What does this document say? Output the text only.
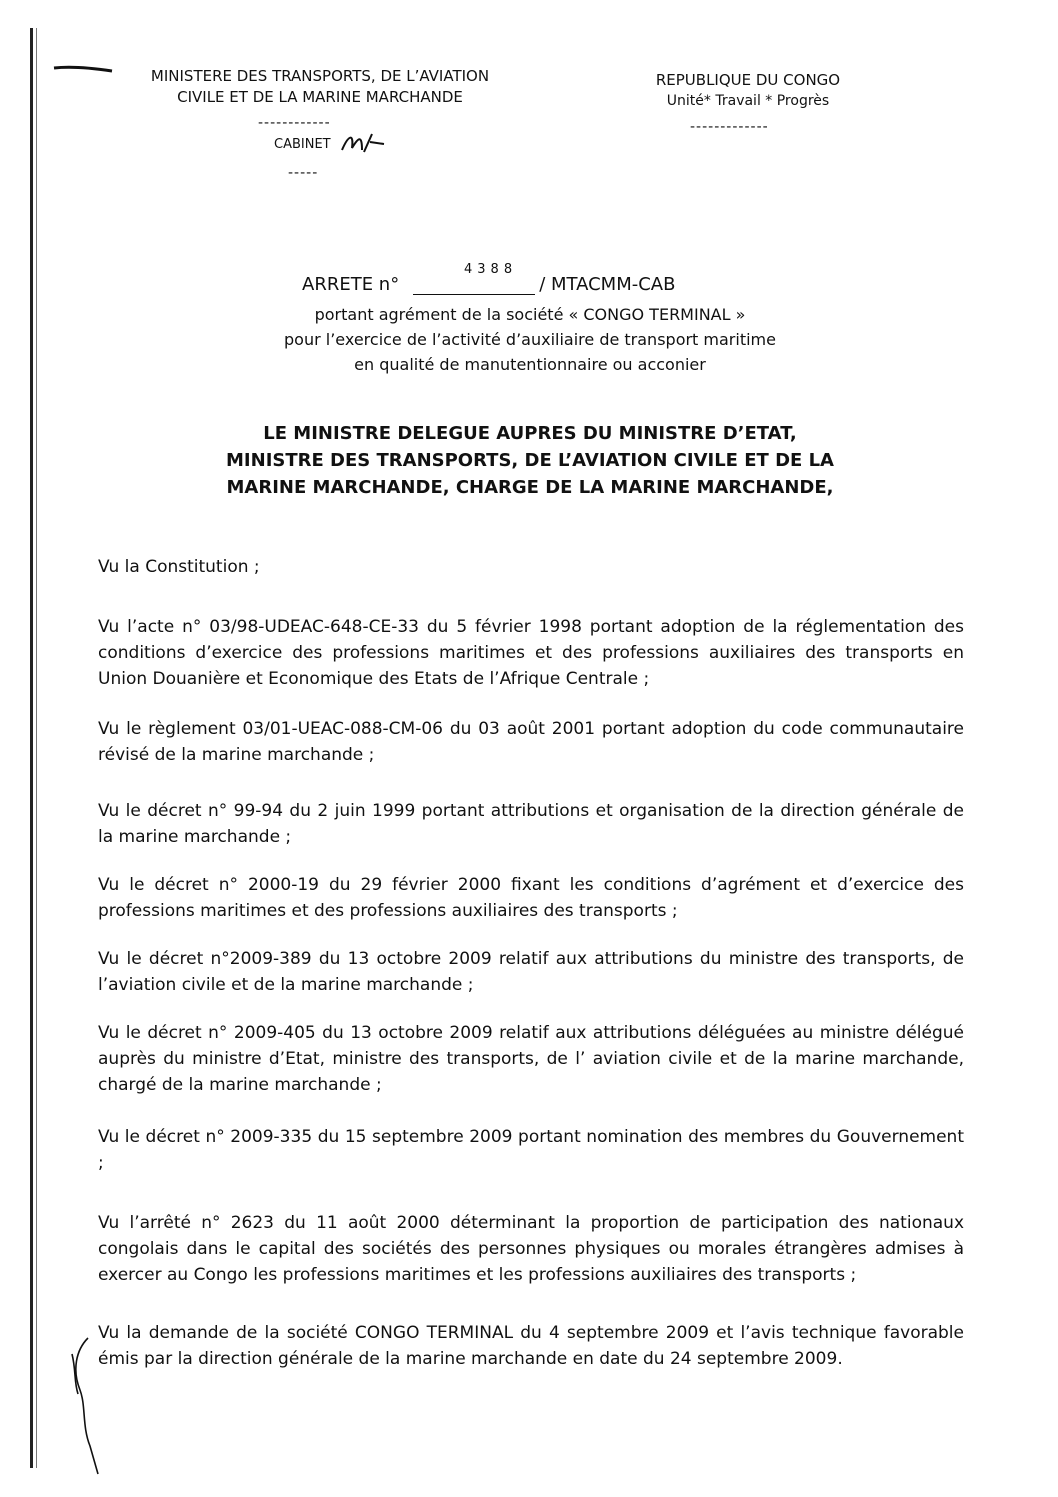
MINISTERE DES TRANSPORTS, DE L’AVIATION
CIVILE ET DE LA MARINE MARCHANDE
------------
CABINET
-----
REPUBLIQUE DU CONGO
Unité* Travail * Progrès
-------------
4388
ARRETE n°	/ MTACMM-CAB
portant agrément de la société « CONGO TERMINAL »
pour l’exercice de l’activité d’auxiliaire de transport maritime
en qualité de manutentionnaire ou acconier
LE MINISTRE DELEGUE AUPRES DU MINISTRE D’ETAT,
MINISTRE DES TRANSPORTS, DE L’AVIATION CIVILE ET DE LA
MARINE MARCHANDE, CHARGE DE LA MARINE MARCHANDE,
Vu la Constitution ;
Vu l’acte n° 03/98-UDEAC-648-CE-33 du 5 février 1998 portant adoption de la réglementation des conditions d’exercice des professions maritimes et des professions auxiliaires des transports en Union Douanière et Economique des Etats de l’Afrique Centrale ;
Vu le règlement 03/01-UEAC-088-CM-06 du 03 août 2001 portant adoption du code communautaire révisé de la marine marchande ;
Vu le décret n° 99-94 du 2 juin 1999 portant attributions et organisation de la direction générale de la marine marchande ;
Vu le décret n° 2000-19 du 29 février 2000 fixant les conditions d’agrément et d’exercice des professions maritimes et des professions auxiliaires des transports ;
Vu le décret n°2009-389 du 13 octobre 2009 relatif aux attributions du ministre des transports, de l’aviation civile et de la marine marchande ;
Vu le décret n° 2009-405 du 13 octobre 2009 relatif aux attributions déléguées au ministre délégué auprès du ministre d’Etat, ministre des transports, de l’ aviation civile et de la marine marchande, chargé de la marine marchande ;
Vu le décret n° 2009-335 du 15 septembre 2009 portant nomination des membres du Gouvernement ;
Vu l’arrêté n° 2623 du 11 août 2000 déterminant la proportion de participation des nationaux congolais dans le capital des sociétés des personnes physiques ou morales étrangères admises à exercer au Congo les professions maritimes et les professions auxiliaires des transports ;
Vu la demande de la société CONGO TERMINAL du 4 septembre 2009 et l’avis technique favorable émis par la direction générale de la marine marchande en date du 24 septembre 2009.
